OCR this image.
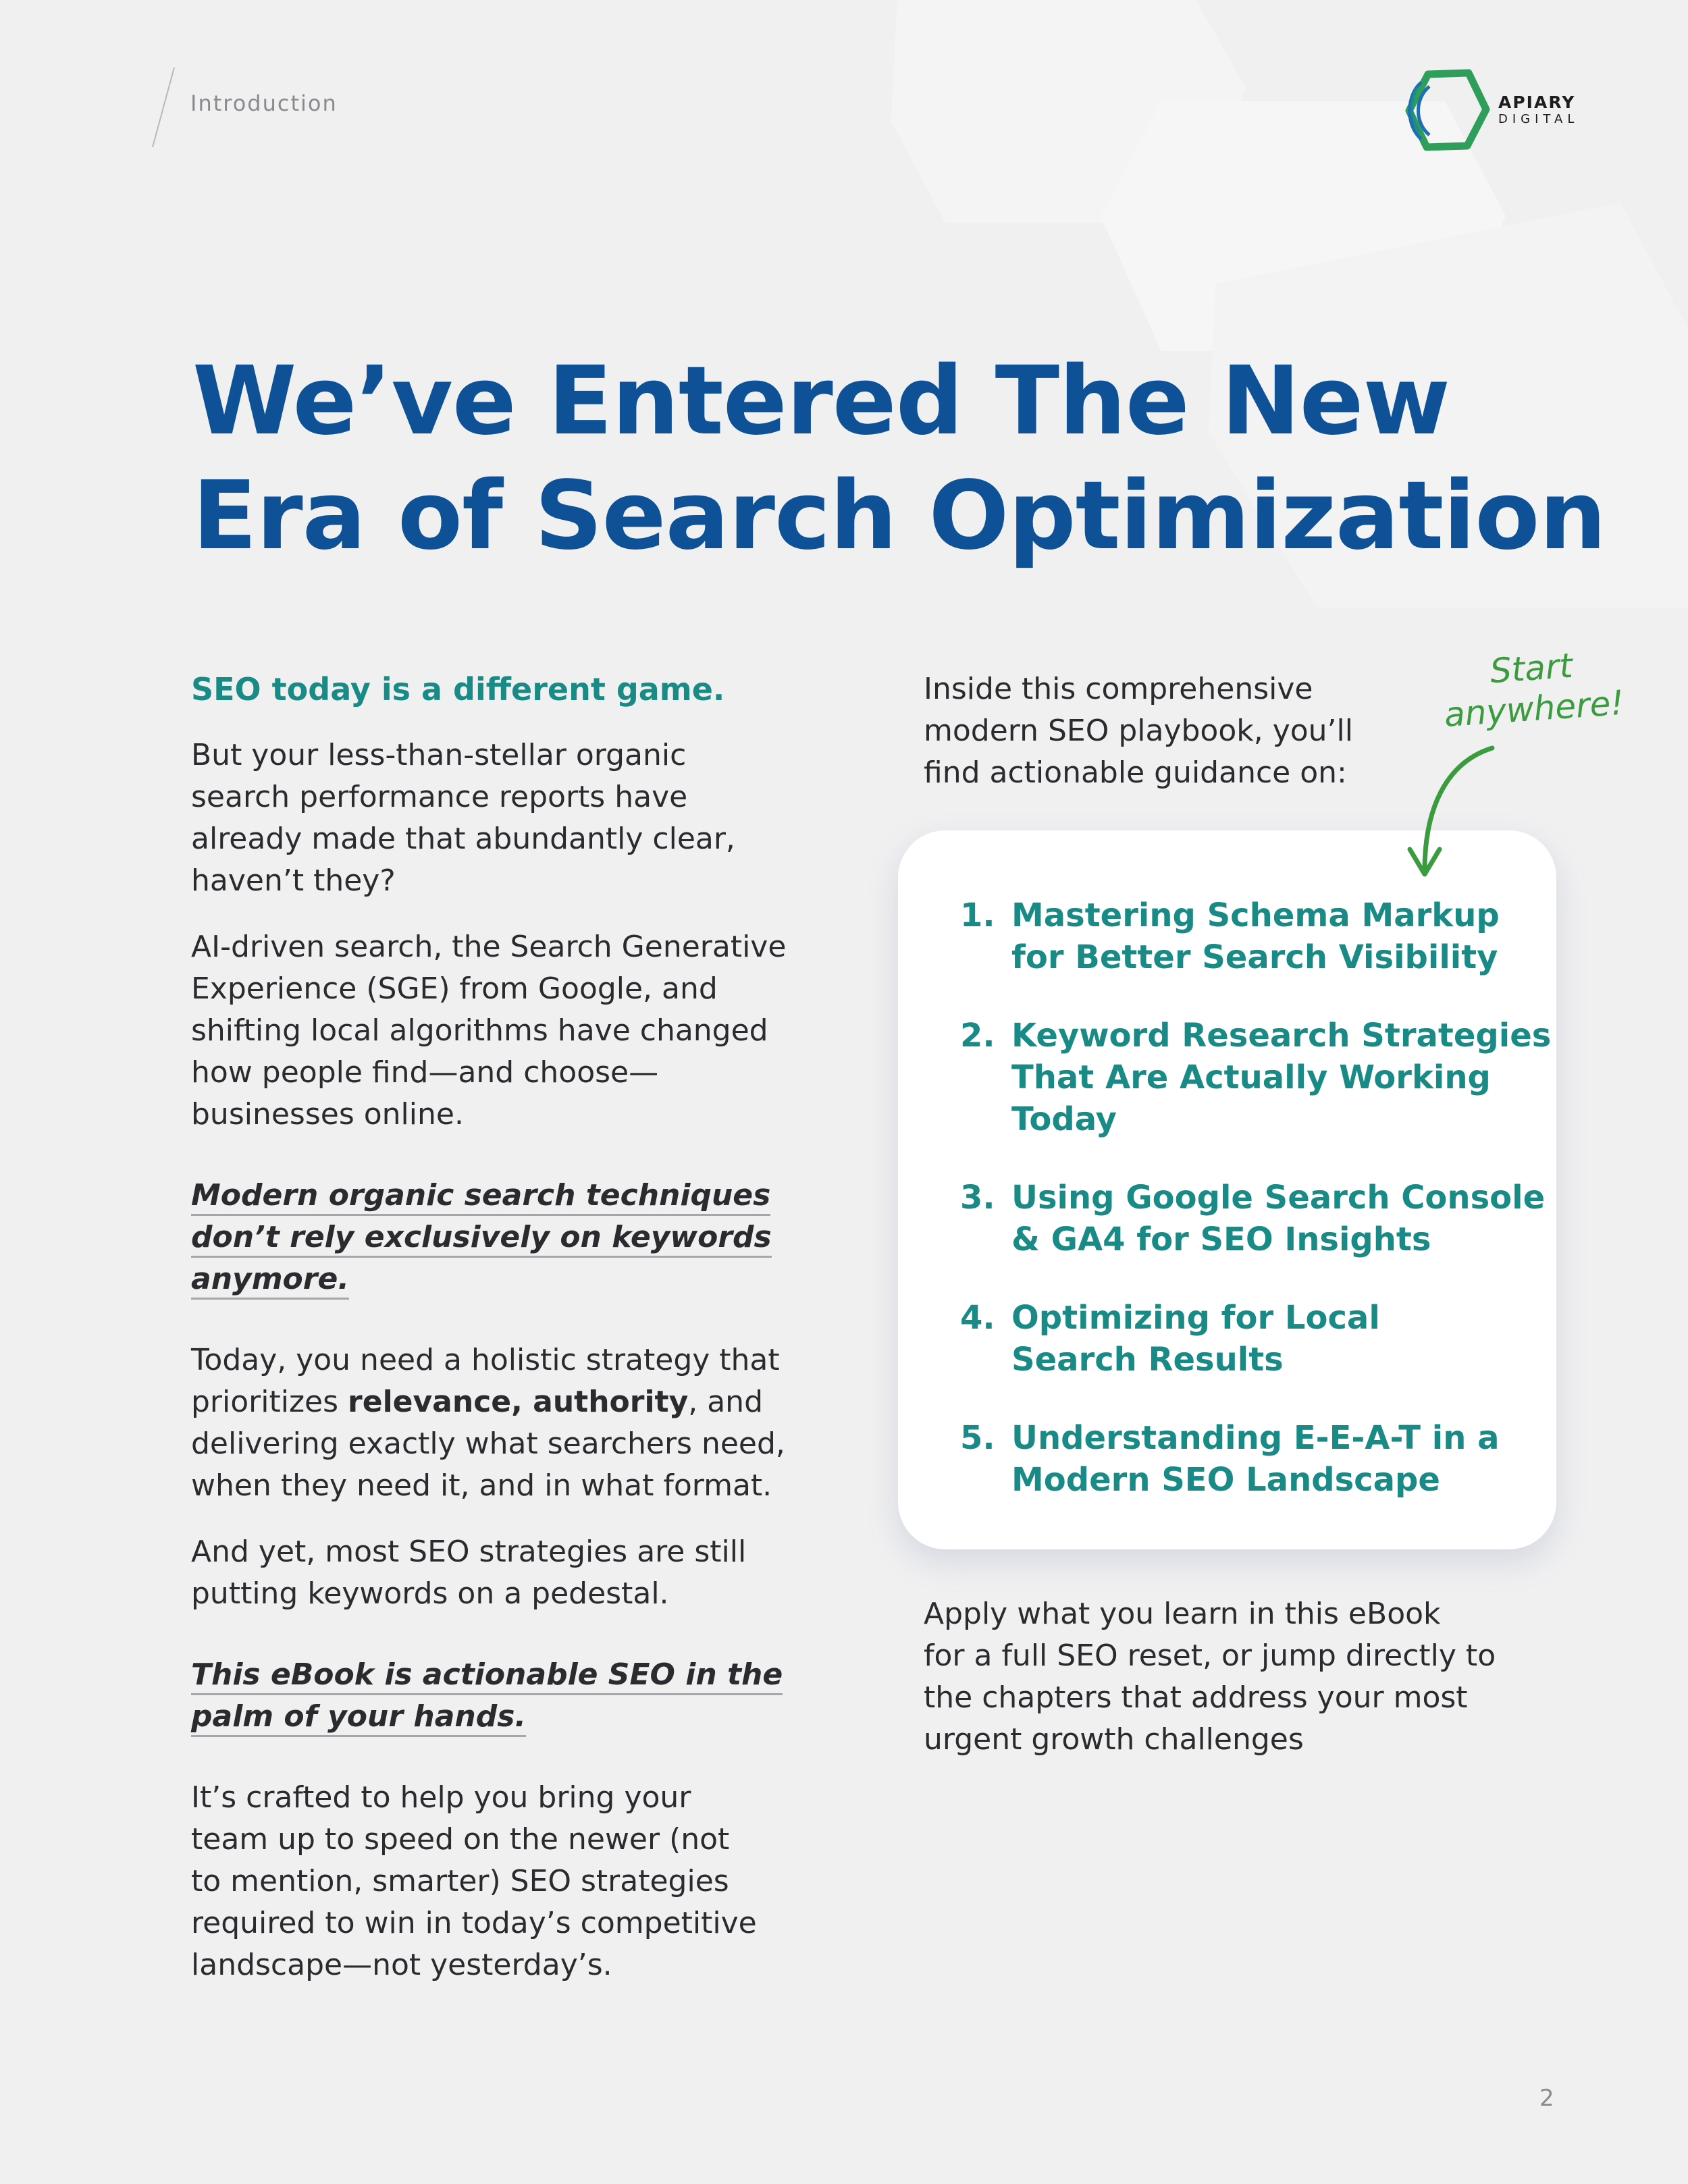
Introduction	APIARY
DIGITAL
We’ve Entered The New
Era of Search Optimization

SEO today is a different game.

But your less-than-stellar organic
search performance reports have
already made that abundantly clear,
haven’t they?

AI-driven search, the Search Generative
Experience (SGE) from Google, and
shifting local algorithms have changed
how people find—and choose—
businesses online.

Modern organic search techniques
don’t rely exclusively on keywords
anymore.

Today, you need a holistic strategy that
prioritizes relevance, authority, and
delivering exactly what searchers need,
when they need it, and in what format.

And yet, most SEO strategies are still
putting keywords on a pedestal.

This eBook is actionable SEO in the
palm of your hands.

It’s crafted to help you bring your
team up to speed on the newer (not
to mention, smarter) SEO strategies
required to win in today’s competitive
landscape—not yesterday’s.

Inside this comprehensive
modern SEO playbook, you’ll
find actionable guidance on:

Start
anywhere!
1. Mastering Schema Markup
for Better Search Visibility
2. Keyword Research Strategies
That Are Actually Working
Today
3. Using Google Search Console
& GA4 for SEO Insights
4. Optimizing for Local
Search Results
5. Understanding E-E-A-T in a
Modern SEO Landscape

Apply what you learn in this eBook
for a full SEO reset, or jump directly to
the chapters that address your most
urgent growth challenges

2
